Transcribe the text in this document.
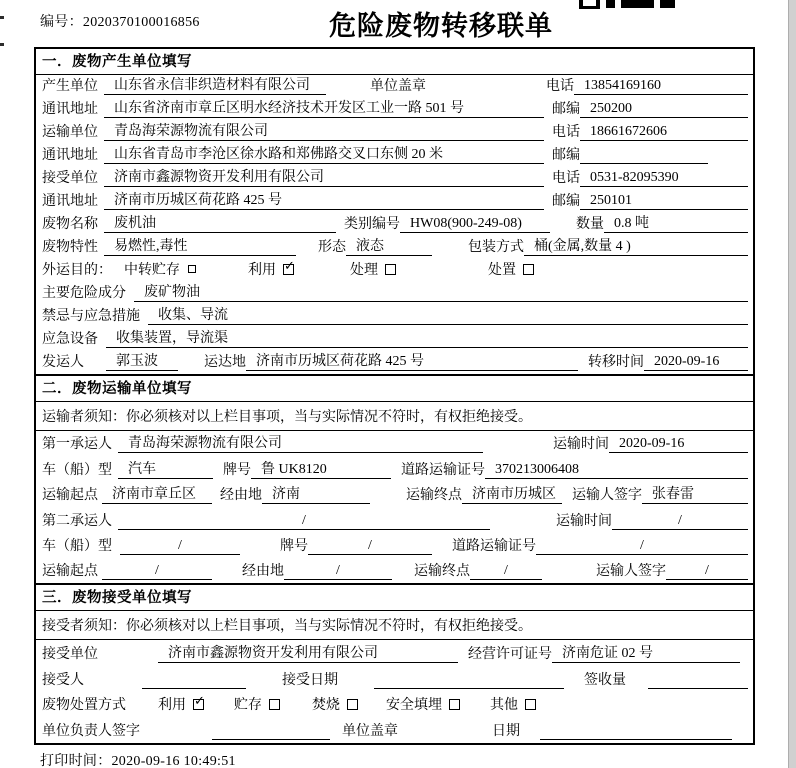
编号：2020370100016856	危险废物转移联单
一．废物产生单位填写
产生单位	山东省永信非织造材料有限公司	单位盖章	电话 13854169160
通讯地址	山东省济南市章丘区明水经济技术开发区工业一路 501 号	邮编 250200
运输单位	青岛海荣源物流有限公司	电话 18661672606
通讯地址	山东省青岛市李沧区徐水路和郑佛路交叉口东侧 20 米	邮编
接受单位	济南市鑫源物资开发利用有限公司	电话 0531-82095390
通讯地址	济南市历城区荷花路 425 号	邮编 250101
废物名称	废机油	类别编号 HW08(900-249-08)	数量 0.8 吨
废物特性	易燃性,毒性	形态 液态	包装方式 桶(金属,数量 4 )
外运目的： 中转贮存	利用 ✓	处理	处置
主要危险成分	废矿物油
禁忌与应急措施	收集、导流
应急设备	收集装置，导流渠
发运人	郭玉波	运达地 济南市历城区荷花路 425 号	转移时间 2020-09-16
二．废物运输单位填写
运输者须知：你必须核对以上栏目事项，当与实际情况不符时，有权拒绝接受。
第一承运人	青岛海荣源物流有限公司	运输时间 2020-09-16
车（船）型	汽车	牌号 鲁 UK8120	道路运输证号 370213006408
运输起点	济南市章丘区	经由地 济南	运输终点 济南市历城区	运输人签字 张春雷
第二承运人	/	运输时间	/
车（船）型	/	牌号	/	道路运输证号	/
运输起点	/	经由地	/	运输终点	/	运输人签字	/
三．废物接受单位填写
接受者须知：你必须核对以上栏目事项，当与实际情况不符时，有权拒绝接受。
接受单位	济南市鑫源物资开发利用有限公司	经营许可证号 济南危证 02 号
接受人	接受日期	签收量
废物处置方式 利用 ✓ 贮存	焚烧	安全填埋	其他
单位负责人签字	单位盖章	日期
打印时间：2020-09-16 10:49:51
